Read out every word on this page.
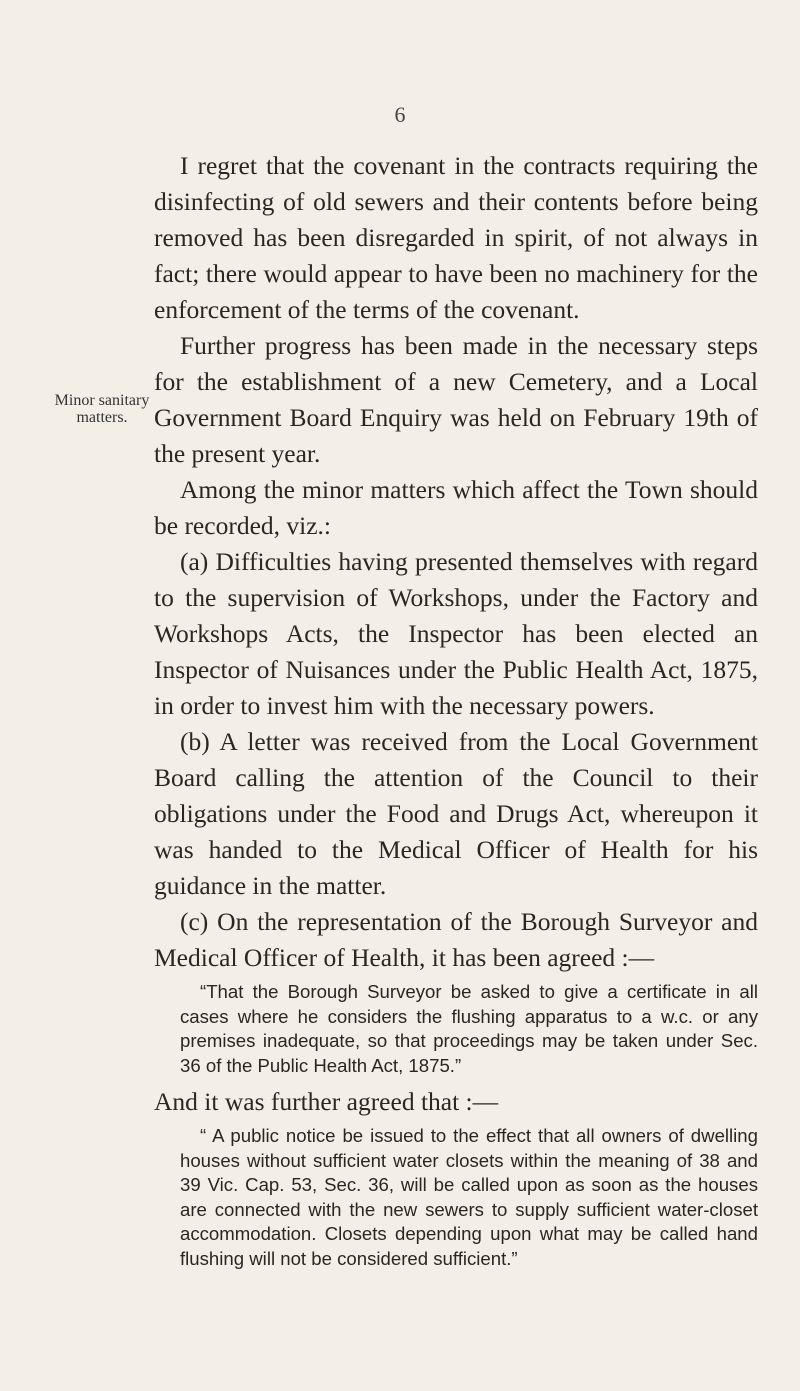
6
Minor sanitary
matters.

I regret that the covenant in the contracts requiring the disinfecting of old sewers and their contents before being removed has been disregarded in spirit, of not always in fact; there would appear to have been no machinery for the enforcement of the terms of the covenant.

Further progress has been made in the necessary steps for the establishment of a new Cemetery, and a Local Government Board Enquiry was held on February 19th of the present year.

Among the minor matters which affect the Town should be recorded, viz.:

(a) Difficulties having presented themselves with regard to the supervision of Workshops, under the Factory and Workshops Acts, the Inspector has been elected an Inspector of Nuisances under the Public Health Act, 1875, in order to invest him with the necessary powers.

(b) A letter was received from the Local Government Board calling the attention of the Council to their obligations under the Food and Drugs Act, whereupon it was handed to the Medical Officer of Health for his guidance in the matter.

(c) On the representation of the Borough Surveyor and Medical Officer of Health, it has been agreed :—

“That the Borough Surveyor be asked to give a certificate in all cases where he considers the flushing apparatus to a w.c. or any premises inadequate, so that proceedings may be taken under Sec. 36 of the Public Health Act, 1875.”

And it was further agreed that :—

“ A public notice be issued to the effect that all owners of dwelling houses without sufficient water closets within the meaning of 38 and 39 Vic. Cap. 53, Sec. 36, will be called upon as soon as the houses are connected with the new sewers to supply sufficient water-closet accommodation. Closets depending upon what may be called hand flushing will not be considered sufficient.”
